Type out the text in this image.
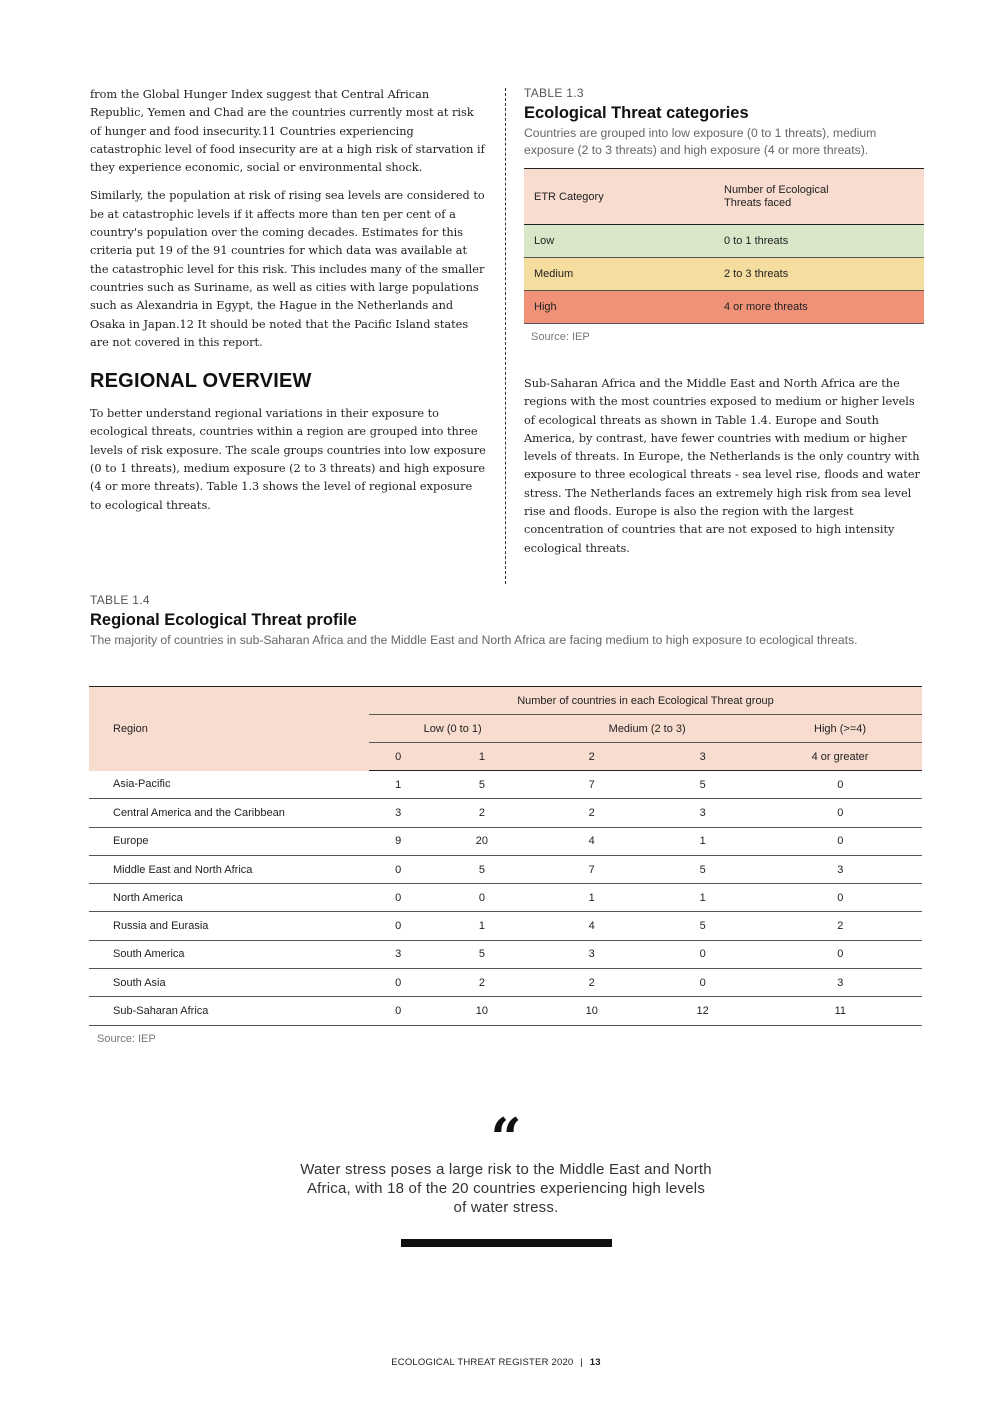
from the Global Hunger Index suggest that Central African Republic, Yemen and Chad are the countries currently most at risk of hunger and food insecurity.11 Countries experiencing catastrophic level of food insecurity are at a high risk of starvation if they experience economic, social or environmental shock.

Similarly, the population at risk of rising sea levels are considered to be at catastrophic levels if it affects more than ten per cent of a country's population over the coming decades. Estimates for this criteria put 19 of the 91 countries for which data was available at the catastrophic level for this risk. This includes many of the smaller countries such as Suriname, as well as cities with large populations such as Alexandria in Egypt, the Hague in the Netherlands and Osaka in Japan.12 It should be noted that the Pacific Island states are not covered in this report.

REGIONAL OVERVIEW

To better understand regional variations in their exposure to ecological threats, countries within a region are grouped into three levels of risk exposure. The scale groups countries into low exposure (0 to 1 threats), medium exposure (2 to 3 threats) and high exposure (4 or more threats). Table 1.3 shows the level of regional exposure to ecological threats.

TABLE 1.3
Ecological Threat categories
Countries are grouped into low exposure (0 to 1 threats), medium exposure (2 to 3 threats) and high exposure (4 or more threats).
ETR Category	Number of Ecological Threats faced

Low	0 to 1 threats
Medium	2 to 3 threats
High	4 or more threats
Source: IEP

Sub-Saharan Africa and the Middle East and North Africa are the regions with the most countries exposed to medium or higher levels of ecological threats as shown in Table 1.4. Europe and South America, by contrast, have fewer countries with medium or higher levels of threats. In Europe, the Netherlands is the only country with exposure to three ecological threats - sea level rise, floods and water stress. The Netherlands faces an extremely high risk from sea level rise and floods. Europe is also the region with the largest concentration of countries that are not exposed to high intensity ecological threats.

TABLE 1.4
Regional Ecological Threat profile
The majority of countries in sub-Saharan Africa and the Middle East and North Africa are facing medium to high exposure to ecological threats.
Region	Number of countries in each Ecological Threat group				
	Low (0 to 1)		Medium (2 to 3)		High (>=4)
	0	1	2	3	4 or greater
Asia-Pacific	1	5	7	5	0
Central America and the Caribbean	3	2	2	3	0
Europe	9	20	4	1	0
Middle East and North Africa	0	5	7	5	3
North America	0	0	1	1	0
Russia and Eurasia	0	1	4	5	2
South America	3	5	3	0	0
South Asia	0	2	2	0	3
Sub-Saharan Africa	0	10	10	12	11
Source: IEP
“
Water stress poses a large risk to the Middle East and North Africa, with 18 of the 20 countries experiencing high levels of water stress.
ECOLOGICAL THREAT REGISTER 2020 | 13
